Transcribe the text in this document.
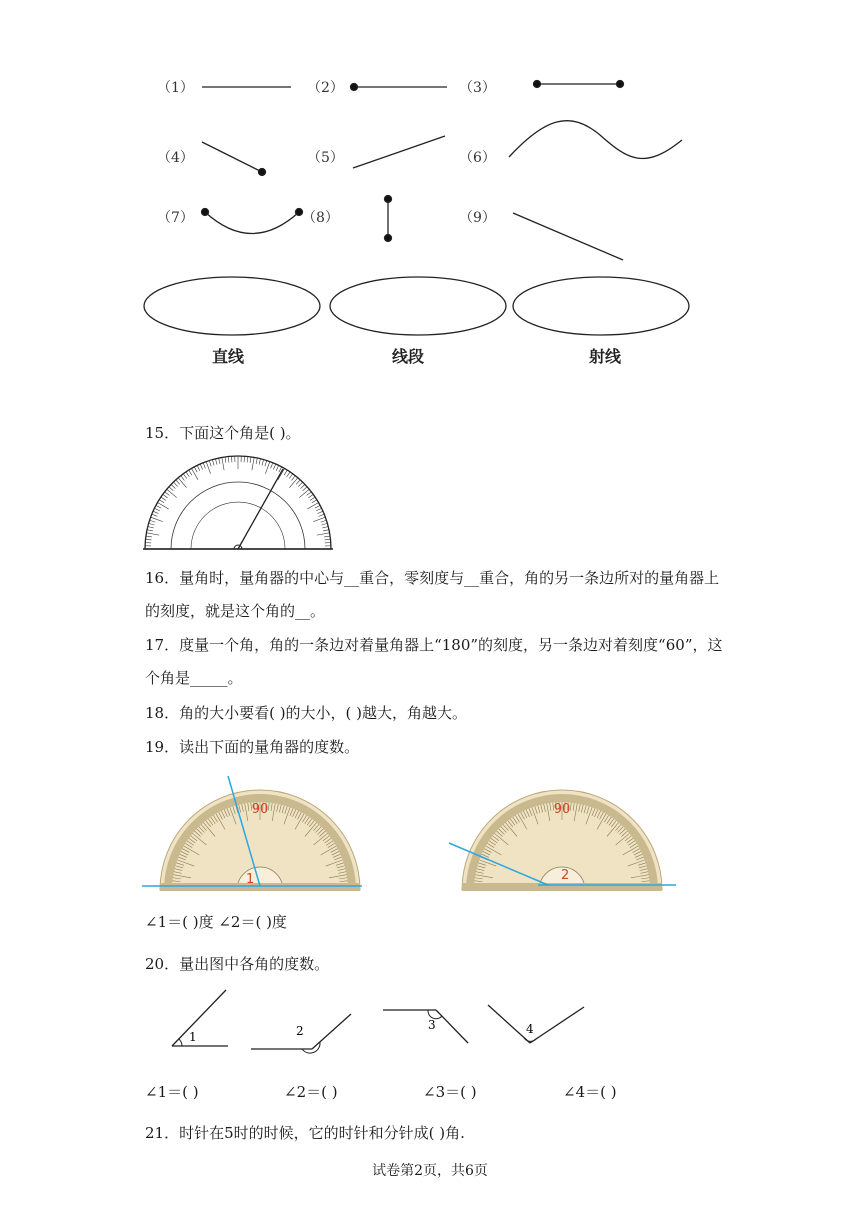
（1）	（2）	（3）
（4）	（5）	（6）
（7）	（8）	（9）
直线	线段	射线
15．下面这个角是( )。
16．量角时，量角器的中心与__重合，零刻度与__重合，角的另一条边所对的量角器上
的刻度，就是这个角的__。
17．度量一个角，角的一条边对着量角器上“180”的刻度，另一条边对着刻度“60”，这
个角是_____。
18．角的大小要看( )的大小，( )越大，角越大。
19．读出下面的量角器的度数。
90
1
90
2
∠1＝( )度 ∠2＝( )度
20．量出图中各角的度数。
1	2	3	4
∠1＝( )	∠2＝( )	∠3＝( )	∠4＝( )
21．时针在5时的时候，它的时针和分针成( )角.
试卷第2页，共6页
